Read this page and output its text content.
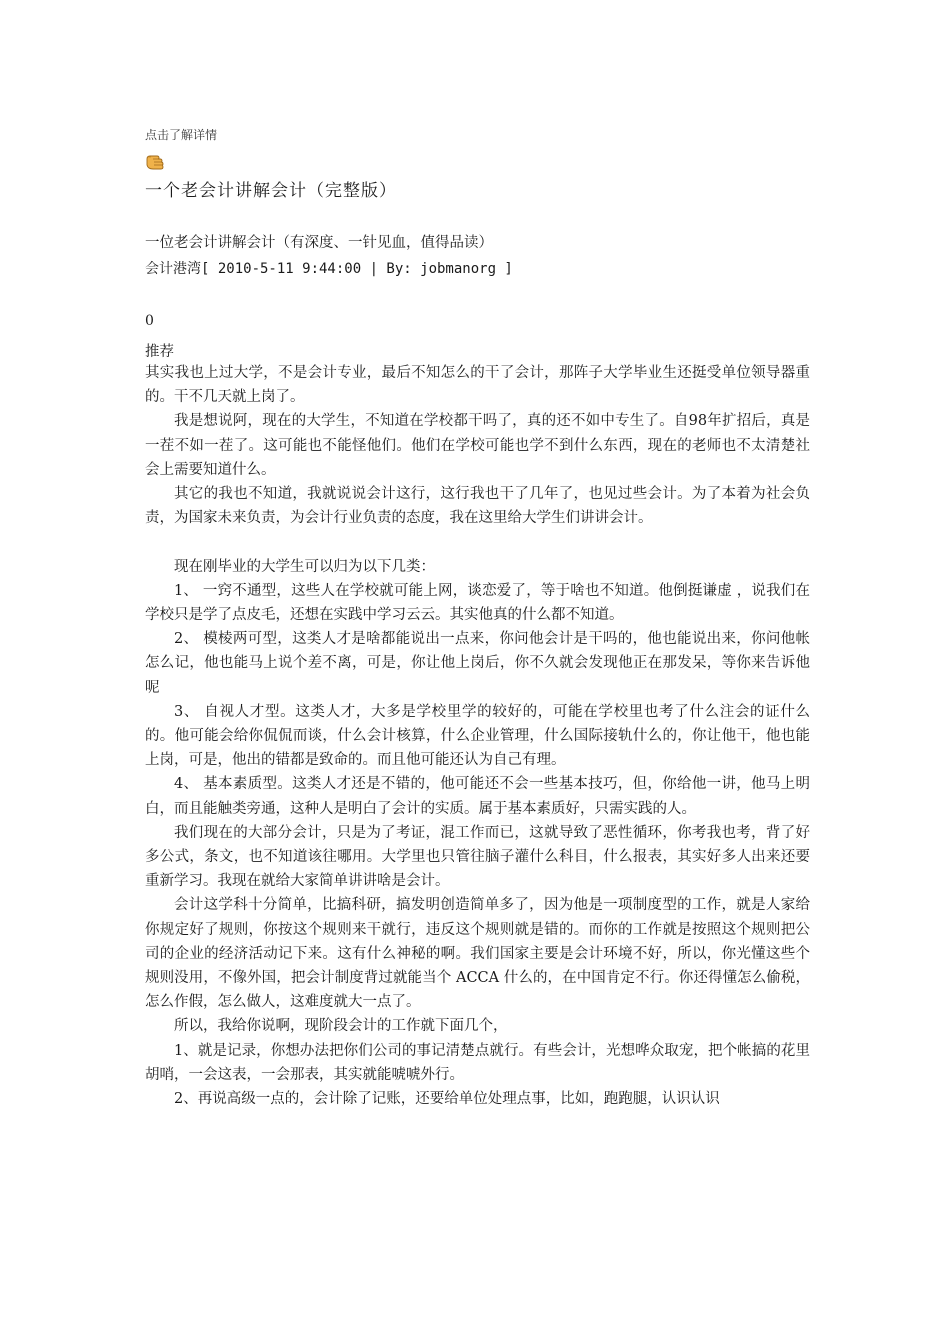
点击了解详情
一个老会计讲解会计（完整版）
一位老会计讲解会计（有深度、一针见血，值得品读）
会计港湾[ 2010-5-11 9:44:00 | By: jobmanorg ]
0
推荐

其实我也上过大学，不是会计专业，最后不知怎么的干了会计，那阵子大学毕业生还挺受单位领导器重的。干不几天就上岗了。

我是想说阿，现在的大学生，不知道在学校都干吗了，真的还不如中专生了。自98年扩招后，真是一茬不如一茬了。这可能也不能怪他们。他们在学校可能也学不到什么东西，现在的老师也不太清楚社会上需要知道什么。

其它的我也不知道，我就说说会计这行，这行我也干了几年了，也见过些会计。为了本着为社会负责，为国家未来负责，为会计行业负责的态度，我在这里给大学生们讲讲会计。

现在刚毕业的大学生可以归为以下几类：

1、 一窍不通型，这些人在学校就可能上网，谈恋爱了，等于啥也不知道。他倒挺谦虚 ，说我们在学校只是学了点皮毛，还想在实践中学习云云。其实他真的什么都不知道。

2、 模棱两可型，这类人才是啥都能说出一点来，你问他会计是干吗的，他也能说出来，你问他帐怎么记，他也能马上说个差不离，可是，你让他上岗后，你不久就会发现他正在那发呆，等你来告诉他呢

3、 自视人才型。这类人才，大多是学校里学的较好的，可能在学校里也考了什么注会的证什么的。他可能会给你侃侃而谈，什么会计核算，什么企业管理，什么国际接轨什么的，你让他干，他也能上岗，可是，他出的错都是致命的。而且他可能还认为自己有理。

4、 基本素质型。这类人才还是不错的，他可能还不会一些基本技巧，但，你给他一讲，他马上明白，而且能触类旁通，这种人是明白了会计的实质。属于基本素质好，只需实践的人。

我们现在的大部分会计，只是为了考证，混工作而已，这就导致了恶性循环，你考我也考，背了好多公式，条文，也不知道该往哪用。大学里也只管往脑子灌什么科目，什么报表，其实好多人出来还要重新学习。我现在就给大家简单讲讲啥是会计。

会计这学科十分简单，比搞科研，搞发明创造简单多了，因为他是一项制度型的工作，就是人家给你规定好了规则，你按这个规则来干就行，违反这个规则就是错的。而你的工作就是按照这个规则把公司的企业的经济活动记下来。这有什么神秘的啊。我们国家主要是会计环境不好，所以，你光懂这些个规则没用，不像外国，把会计制度背过就能当个 ACCA 什么的，在中国肯定不行。你还得懂怎么偷税，怎么作假，怎么做人，这难度就大一点了。

所以，我给你说啊，现阶段会计的工作就下面几个，

1、就是记录，你想办法把你们公司的事记清楚点就行。有些会计，光想哗众取宠，把个帐搞的花里胡哨，一会这表，一会那表，其实就能唬唬外行。

2、再说高级一点的，会计除了记账，还要给单位处理点事，比如，跑跑腿，认识认识
